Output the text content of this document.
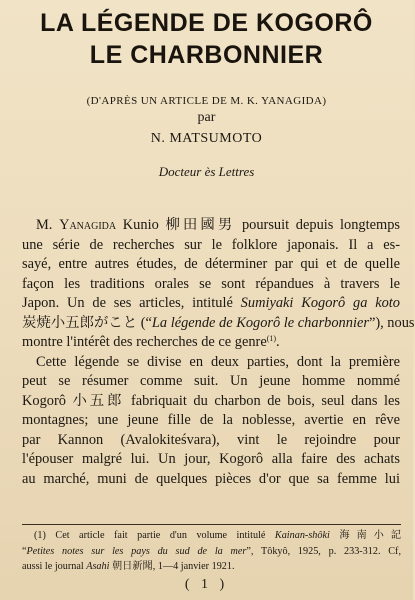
LA LÉGENDE DE KOGORÔ
LE CHARBONNIER
(D'APRÈS UN ARTICLE DE M. K. YANAGIDA)
par
N. MATSUMOTO
Docteur ès Lettres
M. Yanagida Kunio 柳田國男 poursuit depuis longtemps
une série de recherches sur le folklore japonais. Il a es-
sayé, entre autres études, de déterminer par qui et de quelle
façon les traditions orales se sont répandues à travers le
Japon. Un de ses articles, intitulé Sumiyaki Kogorô ga koto
炭焼小五郎がこと (“La légende de Kogorô le charbonnier”), nous
montre l'intérêt des recherches de ce genre$^{(1)}$.
Cette légende se divise en deux parties, dont la première
peut se résumer comme suit. Un jeune homme nommé
Kogorô 小五郎 fabriquait du charbon de bois, seul dans les
montagnes; une jeune fille de la noblesse, avertie en rêve
par Kannon (Avalokiteśvara), vint le rejoindre pour
l'épouser malgré lui. Un jour, Kogorô alla faire des achats
au marché, muni de quelques pièces d'or que sa femme lui
(1) Cet article fait partie d'un volume intitulé Kainan-shôki 海南小記
“Petites notes sur les pays du sud de la mer”, Tôkyô, 1925, p. 233-312. Cf,
aussi le journal Asahi 朝日新聞, 1—4 janvier 1921.
( 1 )
